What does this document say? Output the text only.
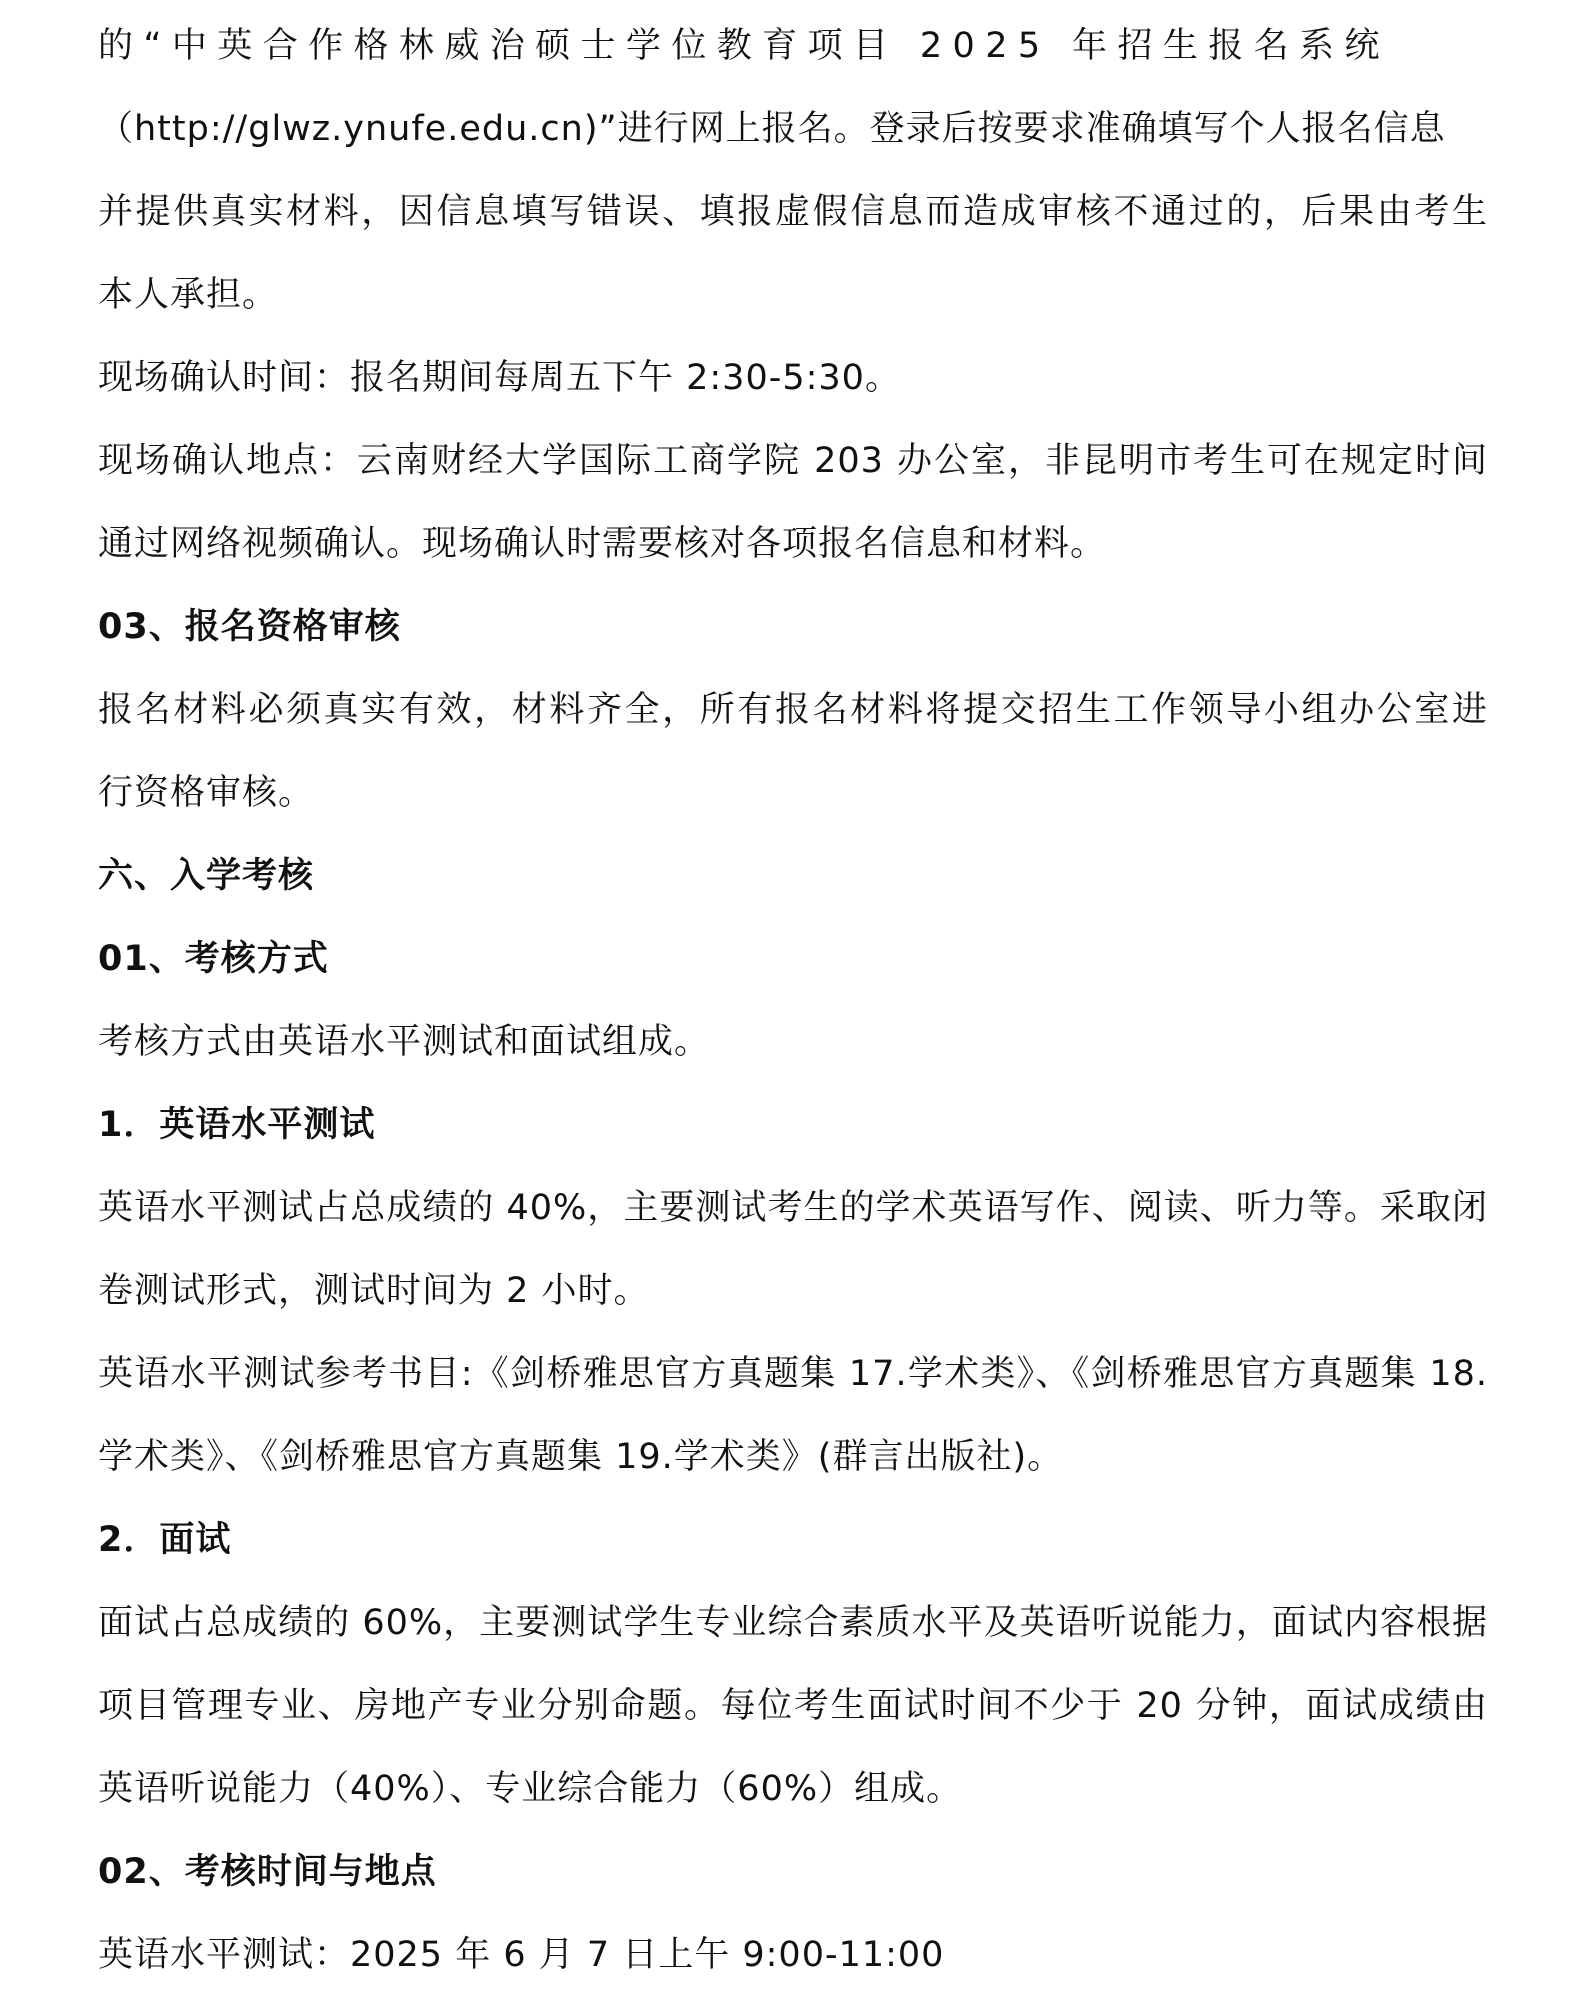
的“中英合作格林威治硕士学位教育项目 2025 年招生报名系统
（http://glwz.ynufe.edu.cn)”进行网上报名。登录后按要求准确填写个人报名信息
并提供真实材料，因信息填写错误、填报虚假信息而造成审核不通过的，后果由考生
本人承担。
现场确认时间：报名期间每周五下午 2:30-5:30。
现场确认地点：云南财经大学国际工商学院 203 办公室，非昆明市考生可在规定时间
通过网络视频确认。现场确认时需要核对各项报名信息和材料。
03、报名资格审核
报名材料必须真实有效，材料齐全，所有报名材料将提交招生工作领导小组办公室进
行资格审核。
六、入学考核
01、考核方式
考核方式由英语水平测试和面试组成。
1．英语水平测试
英语水平测试占总成绩的 40%，主要测试考生的学术英语写作、阅读、听力等。采取闭
卷测试形式，测试时间为 2 小时。
英语水平测试参考书目:《剑桥雅思官方真题集 17.学术类》、《剑桥雅思官方真题集 18.
学术类》、《剑桥雅思官方真题集 19.学术类》(群言出版社)。
2．面试
面试占总成绩的 60%，主要测试学生专业综合素质水平及英语听说能力，面试内容根据
项目管理专业、房地产专业分别命题。每位考生面试时间不少于 20 分钟，面试成绩由
英语听说能力（40%）、专业综合能力（60%）组成。
02、考核时间与地点
英语水平测试：2025 年 6 月 7 日上午 9:00-11:00
